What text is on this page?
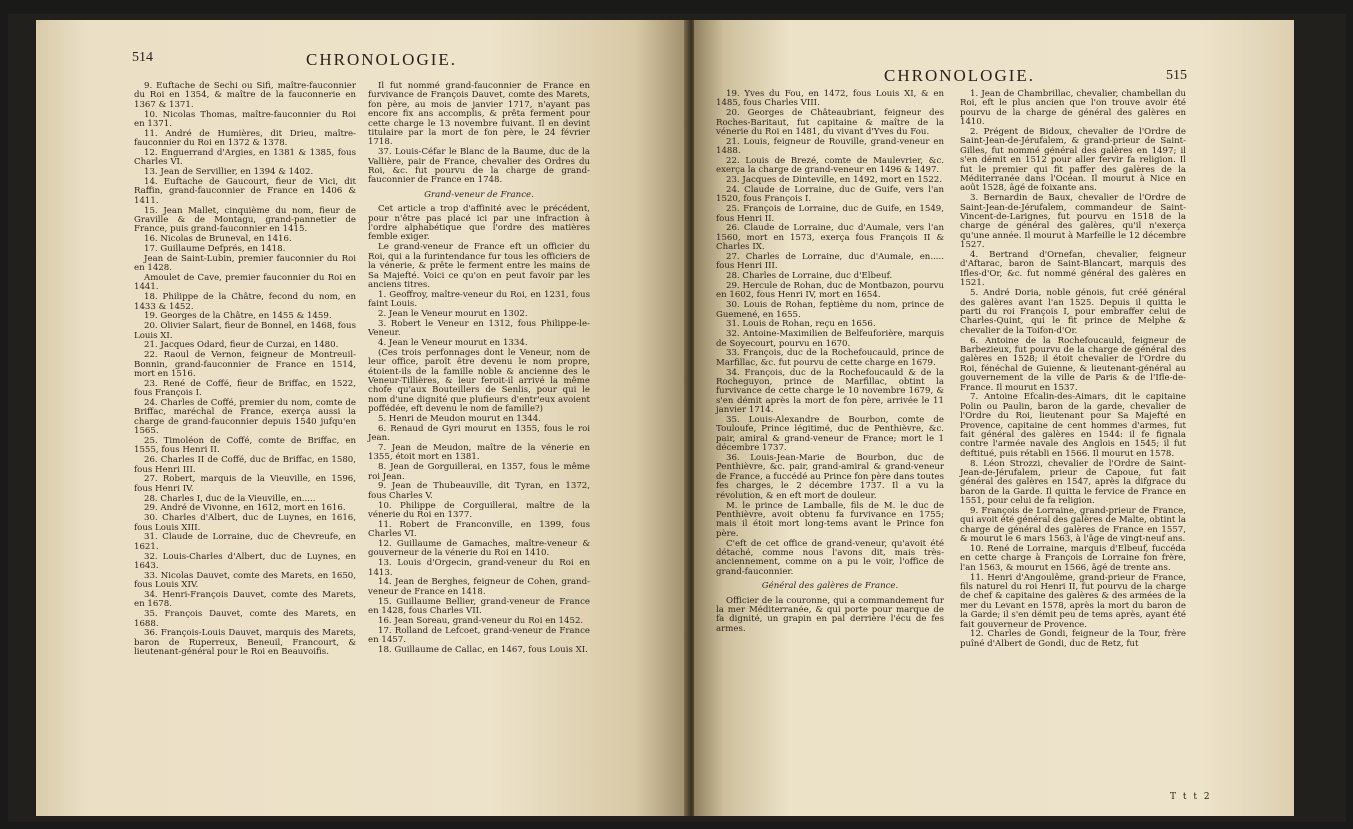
514	CHRONOLOGIE.

9. Euftache de Sechi ou Sifi, maître-fauconnier du Roi en 1354, & maître de la fauconnerie en 1367 & 1371.

10. Nicolas Thomas, maître-fauconnier du Roi en 1371.

11. André de Humières, dit Drieu, maître-fauconnier du Roi en 1372 & 1378.

12. Enguerrand d'Argies, en 1381 & 1385, fous Charles VI.

13. Jean de Servillier, en 1394 & 1402.

14. Euftache de Gaucourt, fieur de Vici, dit Raffin, grand-fauconnier de France en 1406 & 1411.

15. Jean Mallet, cinquième du nom, fieur de Graville & de Montagu, grand-pannetier de France, puis grand-fauconnier en 1415.

16. Nicolas de Bruneval, en 1416.

17. Guillaume Defprés, en 1418.

Jean de Saint-Lubin, premier fauconnier du Roi en 1428.

Amoulet de Cave, premier fauconnier du Roi en 1441.

18. Philippe de la Châtre, fecond du nom, en 1433 & 1452.

19. Georges de la Châtre, en 1455 & 1459.

20. Olivier Salart, fieur de Bonnel, en 1468, fous Louis XI.

21. Jacques Odard, fieur de Curzai, en 1480.

22. Raoul de Vernon, feigneur de Montreuil-Bonnin, grand-fauconnier de France en 1514, mort en 1516.

23. René de Coffé, fieur de Briffac, en 1522, fous François I.

24. Charles de Coffé, premier du nom, comte de Briffac, maréchal de France, exerça aussi la charge de grand-fauconnier depuis 1540 jufqu'en 1565.

25. Timoléon de Coffé, comte de Briffac, en 1555, fous Henri II.

26. Charles II de Coffé, duc de Briffac, en 1580, fous Henri III.

27. Robert, marquis de la Vieuville, en 1596, fous Henri IV.

28. Charles I, duc de la Vieuville, en.....

29. André de Vivonne, en 1612, mort en 1616.

30. Charles d'Albert, duc de Luynes, en 1616, fous Louis XIII.

31. Claude de Lorraine, duc de Chevreufe, en 1621.

32. Louis-Charles d'Albert, duc de Luynes, en 1643.

33. Nicolas Dauvet, comte des Marets, en 1650, fous Louis XIV.

34. Henri-François Dauvet, comte des Marets, en 1678.

35. François Dauvet, comte des Marets, en 1688.

36. François-Louis Dauvet, marquis des Marets, baron de Ruperreux, Beneuil, Francourt, & lieutenant-général pour le Roi en Beauvoifis.

Il fut nommé grand-fauconnier de France en furvivance de François Dauvet, comte des Marets, fon père, au mois de janvier 1717, n'ayant pas encore fix ans accomplis, & prêta ferment pour cette charge le 13 novembre fuivant. Il en devint titulaire par la mort de fon père, le 24 février 1718.

37. Louis-Céfar le Blanc de la Baume, duc de la Vallière, pair de France, chevalier des Ordres du Roi, &c. fut pourvu de la charge de grand-fauconnier de France en 1748.

Grand-veneur de France.

Cet article a trop d'affinité avec le précédent, pour n'être pas placé ici par une infraction à l'ordre alphabétique que l'ordre des matières femble exiger.

Le grand-veneur de France eft un officier du Roi, qui a la furintendance fur tous les officiers de la vénerie, & prête le ferment entre les mains de Sa Majefté. Voici ce qu'on en peut favoir par les anciens titres.

1. Geoffroy, maître-veneur du Roi, en 1231, fous faint Louis.

2. Jean le Veneur mourut en 1302.

3. Robert le Veneur en 1312, fous Philippe-le-Veneur.

4. Jean le Veneur mourut en 1334.

(Ces trois perfonnages dont le Veneur, nom de leur office, paroît être devenu le nom propre, étoient-ils de la famille noble & ancienne des le Veneur-Tillières, & leur feroit-il arrivé la même chofe qu'aux Bouteillers de Senlis, pour qui le nom d'une dignité que plufieurs d'entr'eux avoient poffédée, eft devenu le nom de famille?)

5. Henri de Meudon mourut en 1344.

6. Renaud de Gyri mourut en 1355, fous le roi Jean.

7. Jean de Meudon, maître de la vénerie en 1355, étoit mort en 1381.

8. Jean de Gorguillerai, en 1357, fous le même roi Jean.

9. Jean de Thubeauville, dit Tyran, en 1372, fous Charles V.

10. Philippe de Corguillerai, maître de la vénerie du Roi en 1377.

11. Robert de Franconville, en 1399, fous Charles VI.

12. Guillaume de Gamaches, maître-veneur & gouverneur de la vénerie du Roi en 1410.

13. Louis d'Orgecin, grand-veneur du Roi en 1413.

14. Jean de Berghes, feigneur de Cohen, grand-veneur de France en 1418.

15. Guillaume Bellier, grand-veneur de France en 1428, fous Charles VII.

16. Jean Soreau, grand-veneur du Roi en 1452.

17. Rolland de Lefcoet, grand-veneur de France en 1457.

18. Guillaume de Callac, en 1467, fous Louis XI.

CHRONOLOGIE.	515

19. Yves du Fou, en 1472, fous Louis XI, & en 1485, fous Charles VIII.

20. Georges de Châteaubriant, feigneur des Roches-Baritaut, fut capitaine & maître de la vénerie du Roi en 1481, du vivant d'Yves du Fou.

21. Louis, feigneur de Rouville, grand-veneur en 1488.

22. Louis de Brezé, comte de Maulevrier, &c. exerça la charge de grand-veneur en 1496 & 1497.

23. Jacques de Dinteville, en 1492, mort en 1522.

24. Claude de Lorraine, duc de Guife, vers l'an 1520, fous François I.

25. François de Lorraine, duc de Guife, en 1549, fous Henri II.

26. Claude de Lorraine, duc d'Aumale, vers l'an 1560, mort en 1573, exerça fous François II & Charles IX.

27. Charles de Lorraine, duc d'Aumale, en..... fous Henri III.

28. Charles de Lorraine, duc d'Elbeuf.

29. Hercule de Rohan, duc de Montbazon, pourvu en 1602, fous Henri IV, mort en 1654.

30. Louis de Rohan, feptième du nom, prince de Guemené, en 1655.

31. Louis de Rohan, reçu en 1656.

32. Antoine-Maximilien de Belfeuforière, marquis de Soyecourt, pourvu en 1670.

33. François, duc de la Rochefoucauld, prince de Marfillac, &c. fut pourvu de cette charge en 1679.

34. François, duc de la Rochefoucauld & de la Rocheguyon, prince de Marfillac, obtint la furvivance de cette charge le 10 novembre 1679, & s'en démit après la mort de fon père, arrivée le 11 janvier 1714.

35. Louis-Alexandre de Bourbon, comte de Touloufe, Prince légitimé, duc de Penthièvre, &c. pair, amiral & grand-veneur de France; mort le 1 décembre 1737.

36. Louis-Jean-Marie de Bourbon, duc de Penthièvre, &c. pair, grand-amiral & grand-veneur de France, a fuccédé au Prince fon père dans toutes fes charges, le 2 décembre 1737. Il a vu la révolution, & en eft mort de douleur.

M. le prince de Lamballe, fils de M. le duc de Penthièvre, avoit obtenu fa furvivance en 1755; mais il étoit mort long-tems avant le Prince fon père.

C'eft de cet office de grand-veneur, qu'avoit été détaché, comme nous l'avons dit, mais très-anciennement, comme on a pu le voir, l'office de grand-fauconnier.

Général des galères de France.

Officier de la couronne, qui a commandement fur la mer Méditerranée, & qui porte pour marque de fa dignité, un grapin en pal derrière l'écu de fes armes.

1. Jean de Chambrillac, chevalier, chambellan du Roi, eft le plus ancien que l'on trouve avoir été pourvu de la charge de général des galères en 1410.

2. Prégent de Bidoux, chevalier de l'Ordre de Saint-Jean-de-Jérufalem, & grand-prieur de Saint-Gilles, fut nommé général des galères en 1497; il s'en démit en 1512 pour aller fervir fa religion. Il fut le premier qui fit paffer des galères de la Méditerranée dans l'Océan. Il mourut à Nice en août 1528, âgé de foixante ans.

3. Bernardin de Baux, chevalier de l'Ordre de Saint-Jean-de-Jérufalem, commandeur de Saint-Vincent-de-Larignes, fut pourvu en 1518 de la charge de général des galères, qu'il n'exerça qu'une année. Il mourut à Marfeille le 12 décembre 1527.

4. Bertrand d'Ornefan, chevalier, feigneur d'Aftarac, baron de Saint-Blancart, marquis des Ifles-d'Or, &c. fut nommé général des galères en 1521.

5. André Doria, noble génois, fut créé général des galères avant l'an 1525. Depuis il quitta le parti du roi François I, pour embraffer celui de Charles-Quint, qui le fit prince de Melphe & chevalier de la Toifon-d'Or.

6. Antoine de la Rochefoucauld, feigneur de Barbezieux, fut pourvu de la charge de général des galères en 1528; il étoit chevalier de l'Ordre du Roi, fénéchal de Guienne, & lieutenant-général au gouvernement de la ville de Paris & de l'Ifle-de-France. Il mourut en 1537.

7. Antoine Efcalin-des-Aimars, dit le capitaine Polin ou Paulin, baron de la garde, chevalier de l'Ordre du Roi, lieutenant pour Sa Majefté en Provence, capitaine de cent hommes d'armes, fut fait général des galères en 1544: il fe fignala contre l'armée navale des Anglois en 1545; il fut deftitué, puis rétabli en 1566. Il mourut en 1578.

8. Léon Strozzi, chevalier de l'Ordre de Saint-Jean-de-Jérufalem, prieur de Capoue, fut fait général des galères en 1547, après la difgrace du baron de la Garde. Il quitta le fervice de France en 1551, pour celui de fa religion.

9. François de Lorraine, grand-prieur de France, qui avoit été général des galères de Malte, obtint la charge de général des galères de France en 1557, & mourut le 6 mars 1563, à l'âge de vingt-neuf ans.

10. René de Lorraine, marquis d'Elbeuf, fuccéda en cette charge à François de Lorraine fon frère, l'an 1563, & mourut en 1566, âgé de trente ans.

11. Henri d'Angoulême, grand-prieur de France, fils naturel du roi Henri II, fut pourvu de la charge de chef & capitaine des galères & des armées de la mer du Levant en 1578, après la mort du baron de la Garde; il s'en démit peu de tems après, ayant été fait gouverneur de Provence.

12. Charles de Gondi, feigneur de la Tour, frère puîné d'Albert de Gondi, duc de Retz, fut

T t t 2
